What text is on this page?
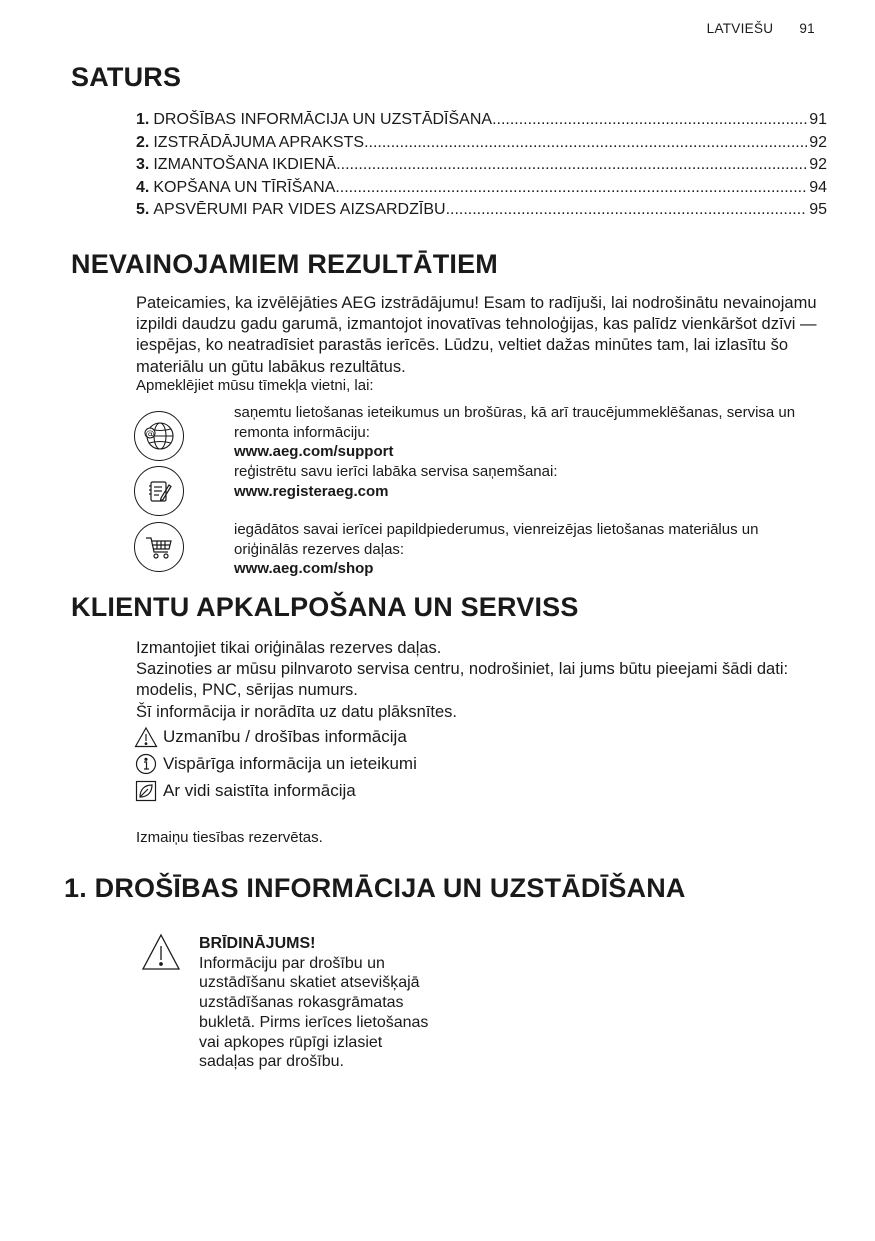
LATVIEŠU 91
SATURS
1. DROŠĪBAS INFORMĀCIJA UN UZSTĀDĪŠANA .....	91
2. IZSTRĀDĀJUMA APRAKSTS .....	92
3. IZMANTOŠANA IKDIENĀ .....	92
4. KOPŠANA UN TĪRĪŠANA .....	94
5. APSVĒRUMI PAR VIDES AIZSARDZĪBU .....	95
NEVAINOJAMIEM REZULTĀTIEM
Pateicamies, ka izvēlējāties AEG izstrādājumu! Esam to radījuši, lai nodrošinātu nevainojamu izpildi daudzu gadu garumā, izmantojot inovatīvas tehnoloģijas, kas palīdz vienkāršot dzīvi — iespējas, ko neatradīsiet parastās ierīcēs. Lūdzu, veltiet dažas minūtes tam, lai izlasītu šo materiālu un gūtu labākus rezultātus.
Apmeklējiet mūsu tīmekļa vietni, lai:
@
saņemtu lietošanas ieteikumus un brošūras, kā arī traucējummeklēšanas, servisa un remonta informāciju:
www.aeg.com/support
reģistrētu savu ierīci labāka servisa saņemšanai:
www.registeraeg.com
iegādātos savai ierīcei papildpiederumus, vienreizējas lietošanas materiālus un oriģinālās rezerves daļas:
www.aeg.com/shop
KLIENTU APKALPOŠANA UN SERVISS
Izmantojiet tikai oriģinālas rezerves daļas.
Sazinoties ar mūsu pilnvaroto servisa centru, nodrošiniet, lai jums būtu pieejami šādi dati: modelis, PNC, sērijas numurs.
Šī informācija ir norādīta uz datu plāksnītes.
Uzmanību / drošības informācija
Vispārīga informācija un ieteikumi
Ar vidi saistīta informācija
Izmaiņu tiesības rezervētas.
1. DROŠĪBAS INFORMĀCIJA UN UZSTĀDĪŠANA
BRĪDINĀJUMS!
Informāciju par drošību un uzstādīšanu skatiet atsevišķajā uzstādīšanas rokasgrāmatas bukletā. Pirms ierīces lietošanas vai apkopes rūpīgi izlasiet sadaļas par drošību.
